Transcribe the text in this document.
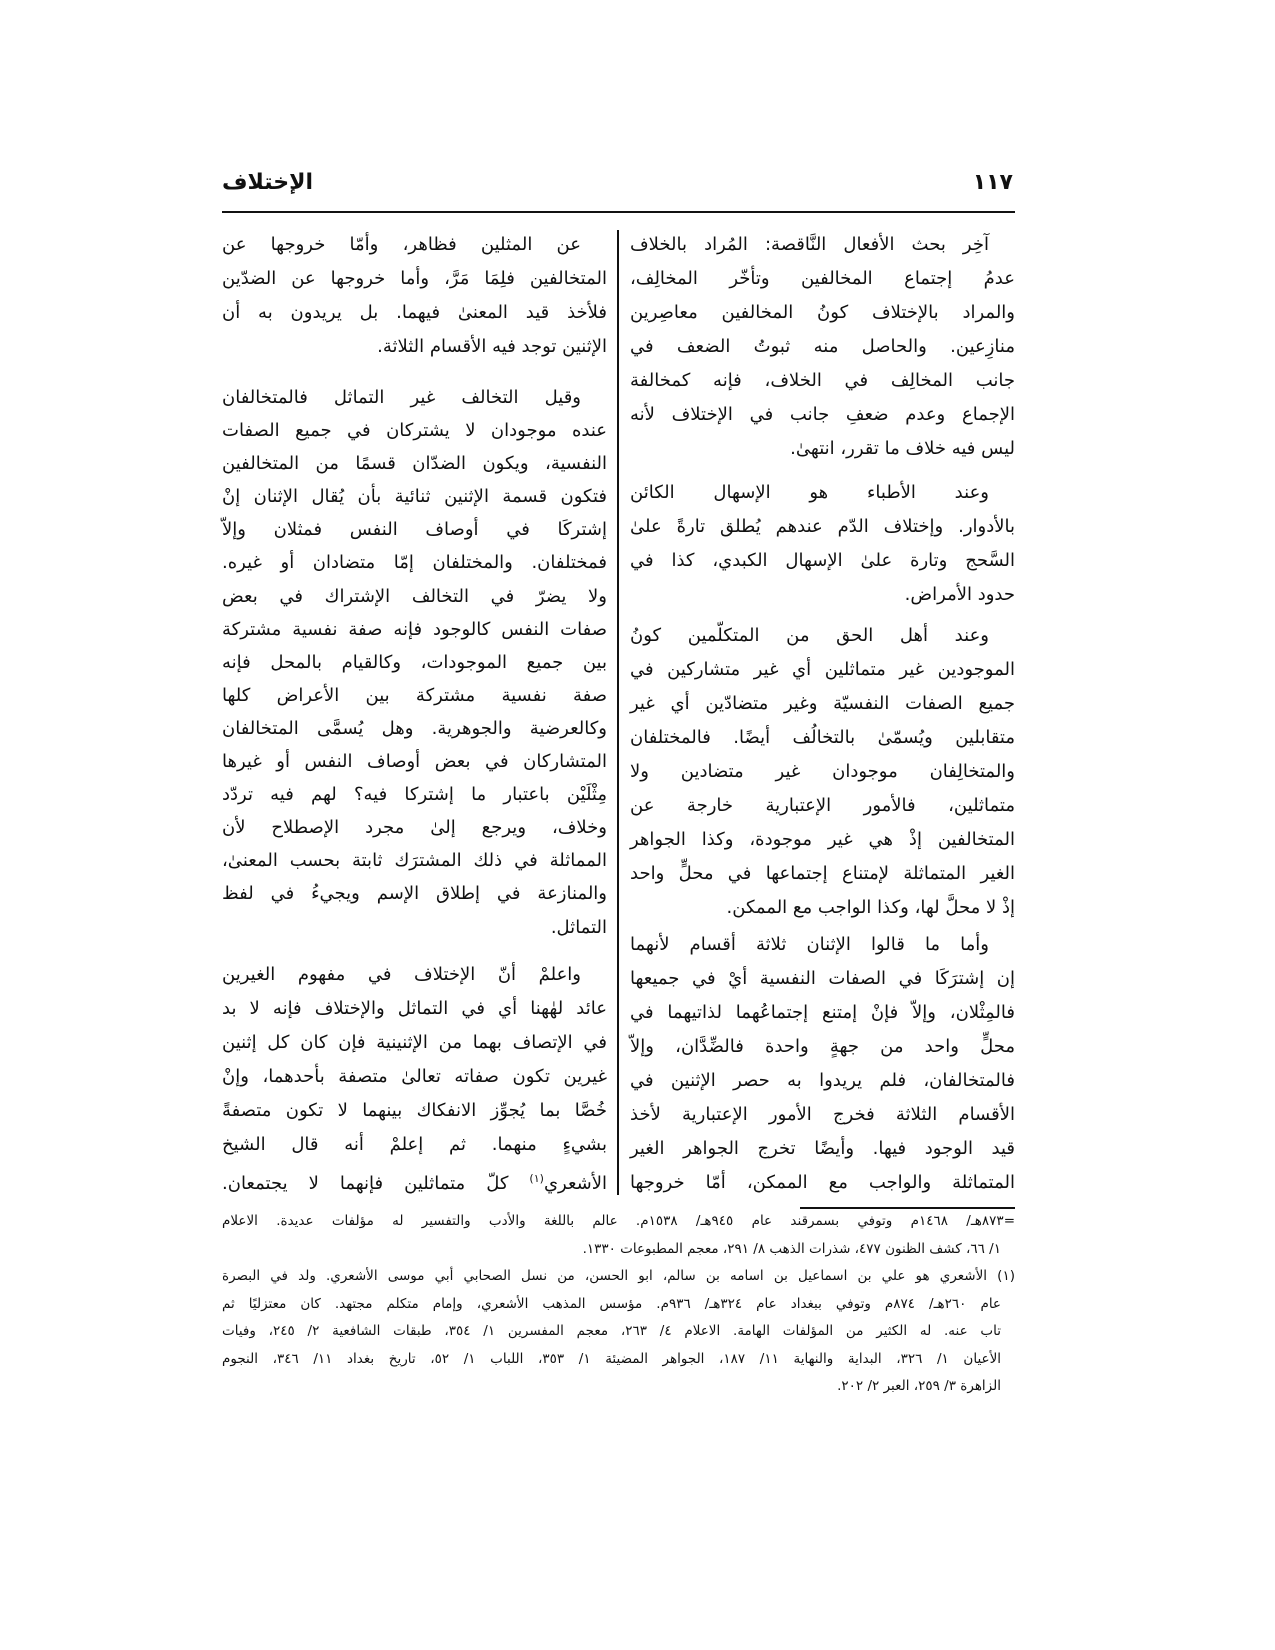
الإختلاف	١١٧
آخِر بحث الأفعال النَّاقصة: المُراد بالخلاف
عدمُ إجتماع المخالفين وتأخّر المخالِف،
والمراد بالإختلاف كونُ المخالفين معاصِرين
منازِعين. والحاصل منه ثبوتُ الضعف في
جانب المخالِف في الخلاف، فإنه كمخالفة
الإجماع وعدم ضعفِ جانب في الإختلاف لأنه
ليس فيه خلاف ما تقرر، انتهىٰ.
وعند الأطباء هو الإسهال الكائن
بالأدوار. وإختلاف الدّم عندهم يُطلق تارةً علىٰ
السَّحج وتارة علىٰ الإسهال الكبدي، كذا في
حدود الأمراض.
وعند أهل الحق من المتكلّمين كونُ
الموجودين غير متماثلين أي غير متشاركين في
جميع الصفات النفسيّة وغير متضادّين أي غير
متقابلين ويُسمّىٰ بالتخالُف أيضًا. فالمختلفان
والمتخالِفان موجودان غير متضادين ولا
متماثلين، فالأمور الإعتبارية خارجة عن
المتخالفين إذْ هي غير موجودة، وكذا الجواهر
الغير المتماثلة لإمتناع إجتماعها في محلٍّ واحد
إذْ لا محلَّ لها، وكذا الواجب مع الممكن.
وأما ما قالوا الإثنان ثلاثة أقسام لأنهما
إن إشترَكَا في الصفات النفسية أيْ في جميعها
فالمِثْلان، وإلاّ فإنْ إمتنع إجتماعُهما لذاتيهما في
محلٍّ واحد من جهةٍ واحدة فالضِّدَّان، وإلاّ
فالمتخالفان، فلم يريدوا به حصر الإثنين في
الأقسام الثلاثة فخرج الأمور الإعتبارية لأخذ
قيد الوجود فيها. وأيضًا تخرج الجواهر الغير
المتماثلة والواجب مع الممكن، أمّا خروجها
عن المثلين فظاهر، وأمّا خروجها عن
المتخالفين فلِمَا مَرَّ، وأما خروجها عن الضدّين
فلأخذ قيد المعنىٰ فيهما. بل يريدون به أن
الإثنين توجد فيه الأقسام الثلاثة.
وقيل التخالف غير التماثل فالمتخالفان
عنده موجودان لا يشتركان في جميع الصفات
النفسية، ويكون الضدّان قسمًا من المتخالفين
فتكون قسمة الإثنين ثنائية بأن يُقال الإثنان إنْ
إشتركَا في أوصاف النفس فمثلان وإلاّ
فمختلفان. والمختلفان إمّا متضادان أو غيره.
ولا يضرّ في التخالف الإشتراك في بعض
صفات النفس كالوجود فإنه صفة نفسية مشتركة
بين جميع الموجودات، وكالقيام بالمحل فإنه
صفة نفسية مشتركة بين الأعراض كلها
وكالعرضية والجوهرية. وهل يُسمَّى المتخالفان
المتشاركان في بعض أوصاف النفس أو غيرها
مِثْلَيْن باعتبار ما إشتركا فيه؟ لهم فيه تردّد
وخلاف، ويرجع إلىٰ مجرد الإصطلاح لأن
المماثلة في ذلك المشترَك ثابتة بحسب المعنىٰ،
والمنازعة في إطلاق الإسم ويجيءُ في لفظ
التماثل.
واعلمْ أنّ الإختلاف في مفهوم الغيرين
عائد لهٰهنا أي في التماثل والإختلاف فإنه لا بد
في الإتصاف بهما من الإثنينية فإن كان كل إثنين
غيرين تكون صفاته تعالىٰ متصفة بأحدهما، وإنْ
خُصَّا بما يُجوِّز الانفكاك بينهما لا تكون متصفةً
بشيءٍ منهما. ثم إعلمْ أنه قال الشيخ
الأشعري$^{(١)}$ كلّ متماثلين فإنهما لا يجتمعان.
=٨٧٣هـ/ ١٤٦٨م وتوفي بسمرقند عام ٩٤٥هـ/ ١٥٣٨م. عالم باللغة والأدب والتفسير له مؤلفات عديدة. الاعلام
١/ ٦٦، كشف الظنون ٤٧٧، شذرات الذهب ٨/ ٢٩١، معجم المطبوعات ١٣٣٠.
(١) الأشعري هو علي بن اسماعيل بن اسامه بن سالم، ابو الحسن، من نسل الصحابي أبي موسى الأشعري. ولد في البصرة
عام ٢٦٠هـ/ ٨٧٤م وتوفي ببغداد عام ٣٢٤هـ/ ٩٣٦م. مؤسس المذهب الأشعري، وإمام متكلم مجتهد. كان معتزليًا ثم
تاب عنه. له الكثير من المؤلفات الهامة. الاعلام ٤/ ٢٦٣، معجم المفسرين ١/ ٣٥٤، طبقات الشافعية ٢/ ٢٤٥، وفيات
الأعيان ١/ ٣٢٦، البداية والنهاية ١١/ ١٨٧، الجواهر المضيئة ١/ ٣٥٣، اللباب ١/ ٥٢، تاريخ بغداد ١١/ ٣٤٦، النجوم
الزاهرة ٣/ ٢٥٩، العبر ٢/ ٢٠٢.
